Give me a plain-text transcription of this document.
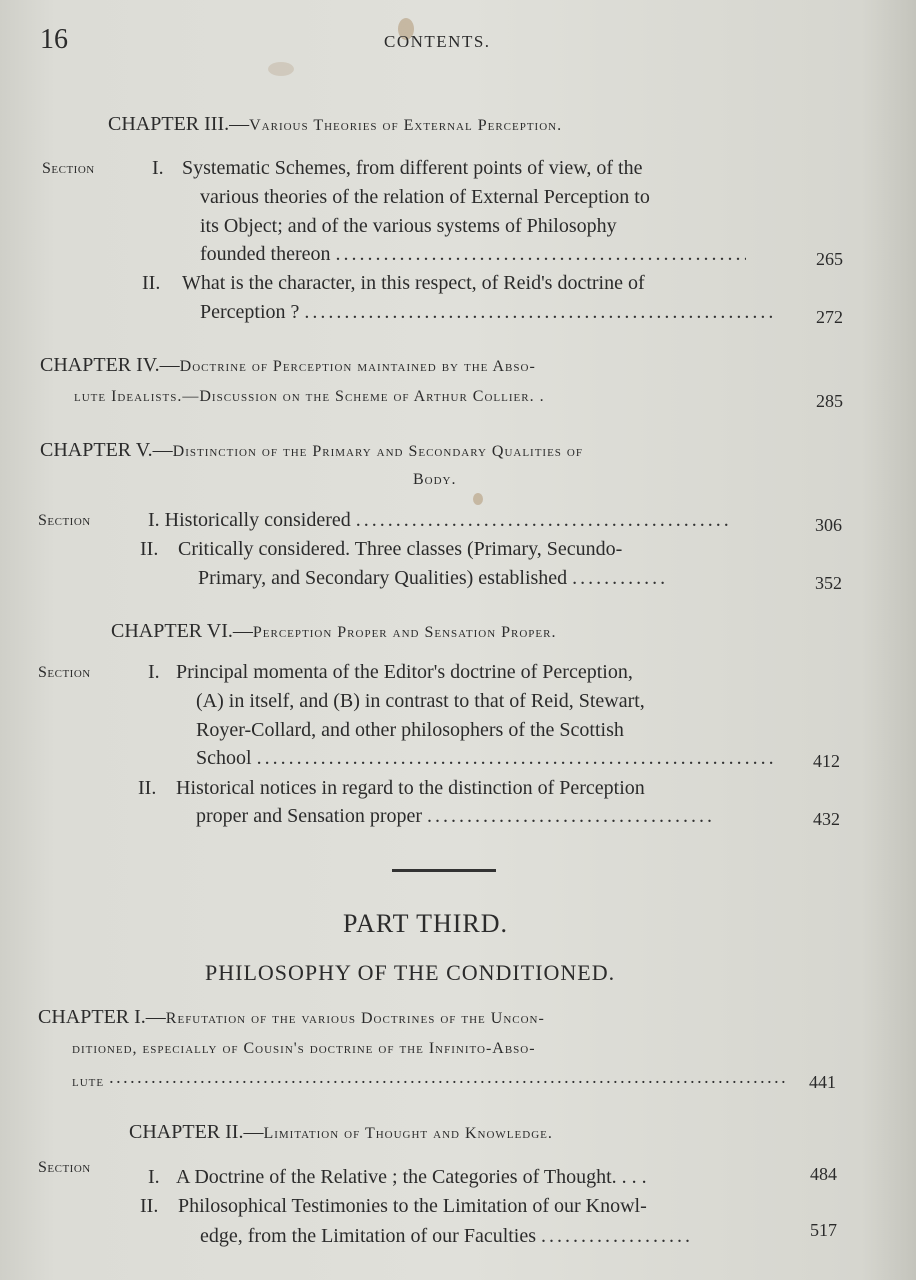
16	CONTENTS.
CHAPTER III.—Various Theories of External Perception.
Section	I. Systematic Schemes, from different points of view, of the
various theories of the relation of External Perception to
its Object; and of the various systems of Philosophy
founded thereon . . .	265
II. What is the character, in this respect, of Reid's doctrine of
Perception ? . . .	272
CHAPTER IV.—Doctrine of Perception maintained by the Abso-
lute Idealists.—Discussion on the Scheme of Arthur Collier. .	285
CHAPTER V.—Distinction of the Primary and Secondary Qualities of
Body.
Section	I. Historically considered . . .	306
II. Critically considered. Three classes (Primary, Secundo-
Primary, and Secondary Qualities) established . . .	352
CHAPTER VI.—Perception Proper and Sensation Proper.
Section	I. Principal momenta of the Editor's doctrine of Perception,
(A) in itself, and (B) in contrast to that of Reid, Stewart,
Royer-Collard, and other philosophers of the Scottish
School . . .	412
II. Historical notices in regard to the distinction of Perception
proper and Sensation proper . . .	432
PART THIRD.
PHILOSOPHY OF THE CONDITIONED.
CHAPTER I.—Refutation of the various Doctrines of the Uncon-
ditioned, especially of Cousin's doctrine of the Infinito-Abso-
lute . . .	441
CHAPTER II.—Limitation of Thought and Knowledge.
Section	I. A Doctrine of the Relative ; the Categories of Thought. . . .	484
II. Philosophical Testimonies to the Limitation of our Knowl-
edge, from the Limitation of our Faculties . . .	517
